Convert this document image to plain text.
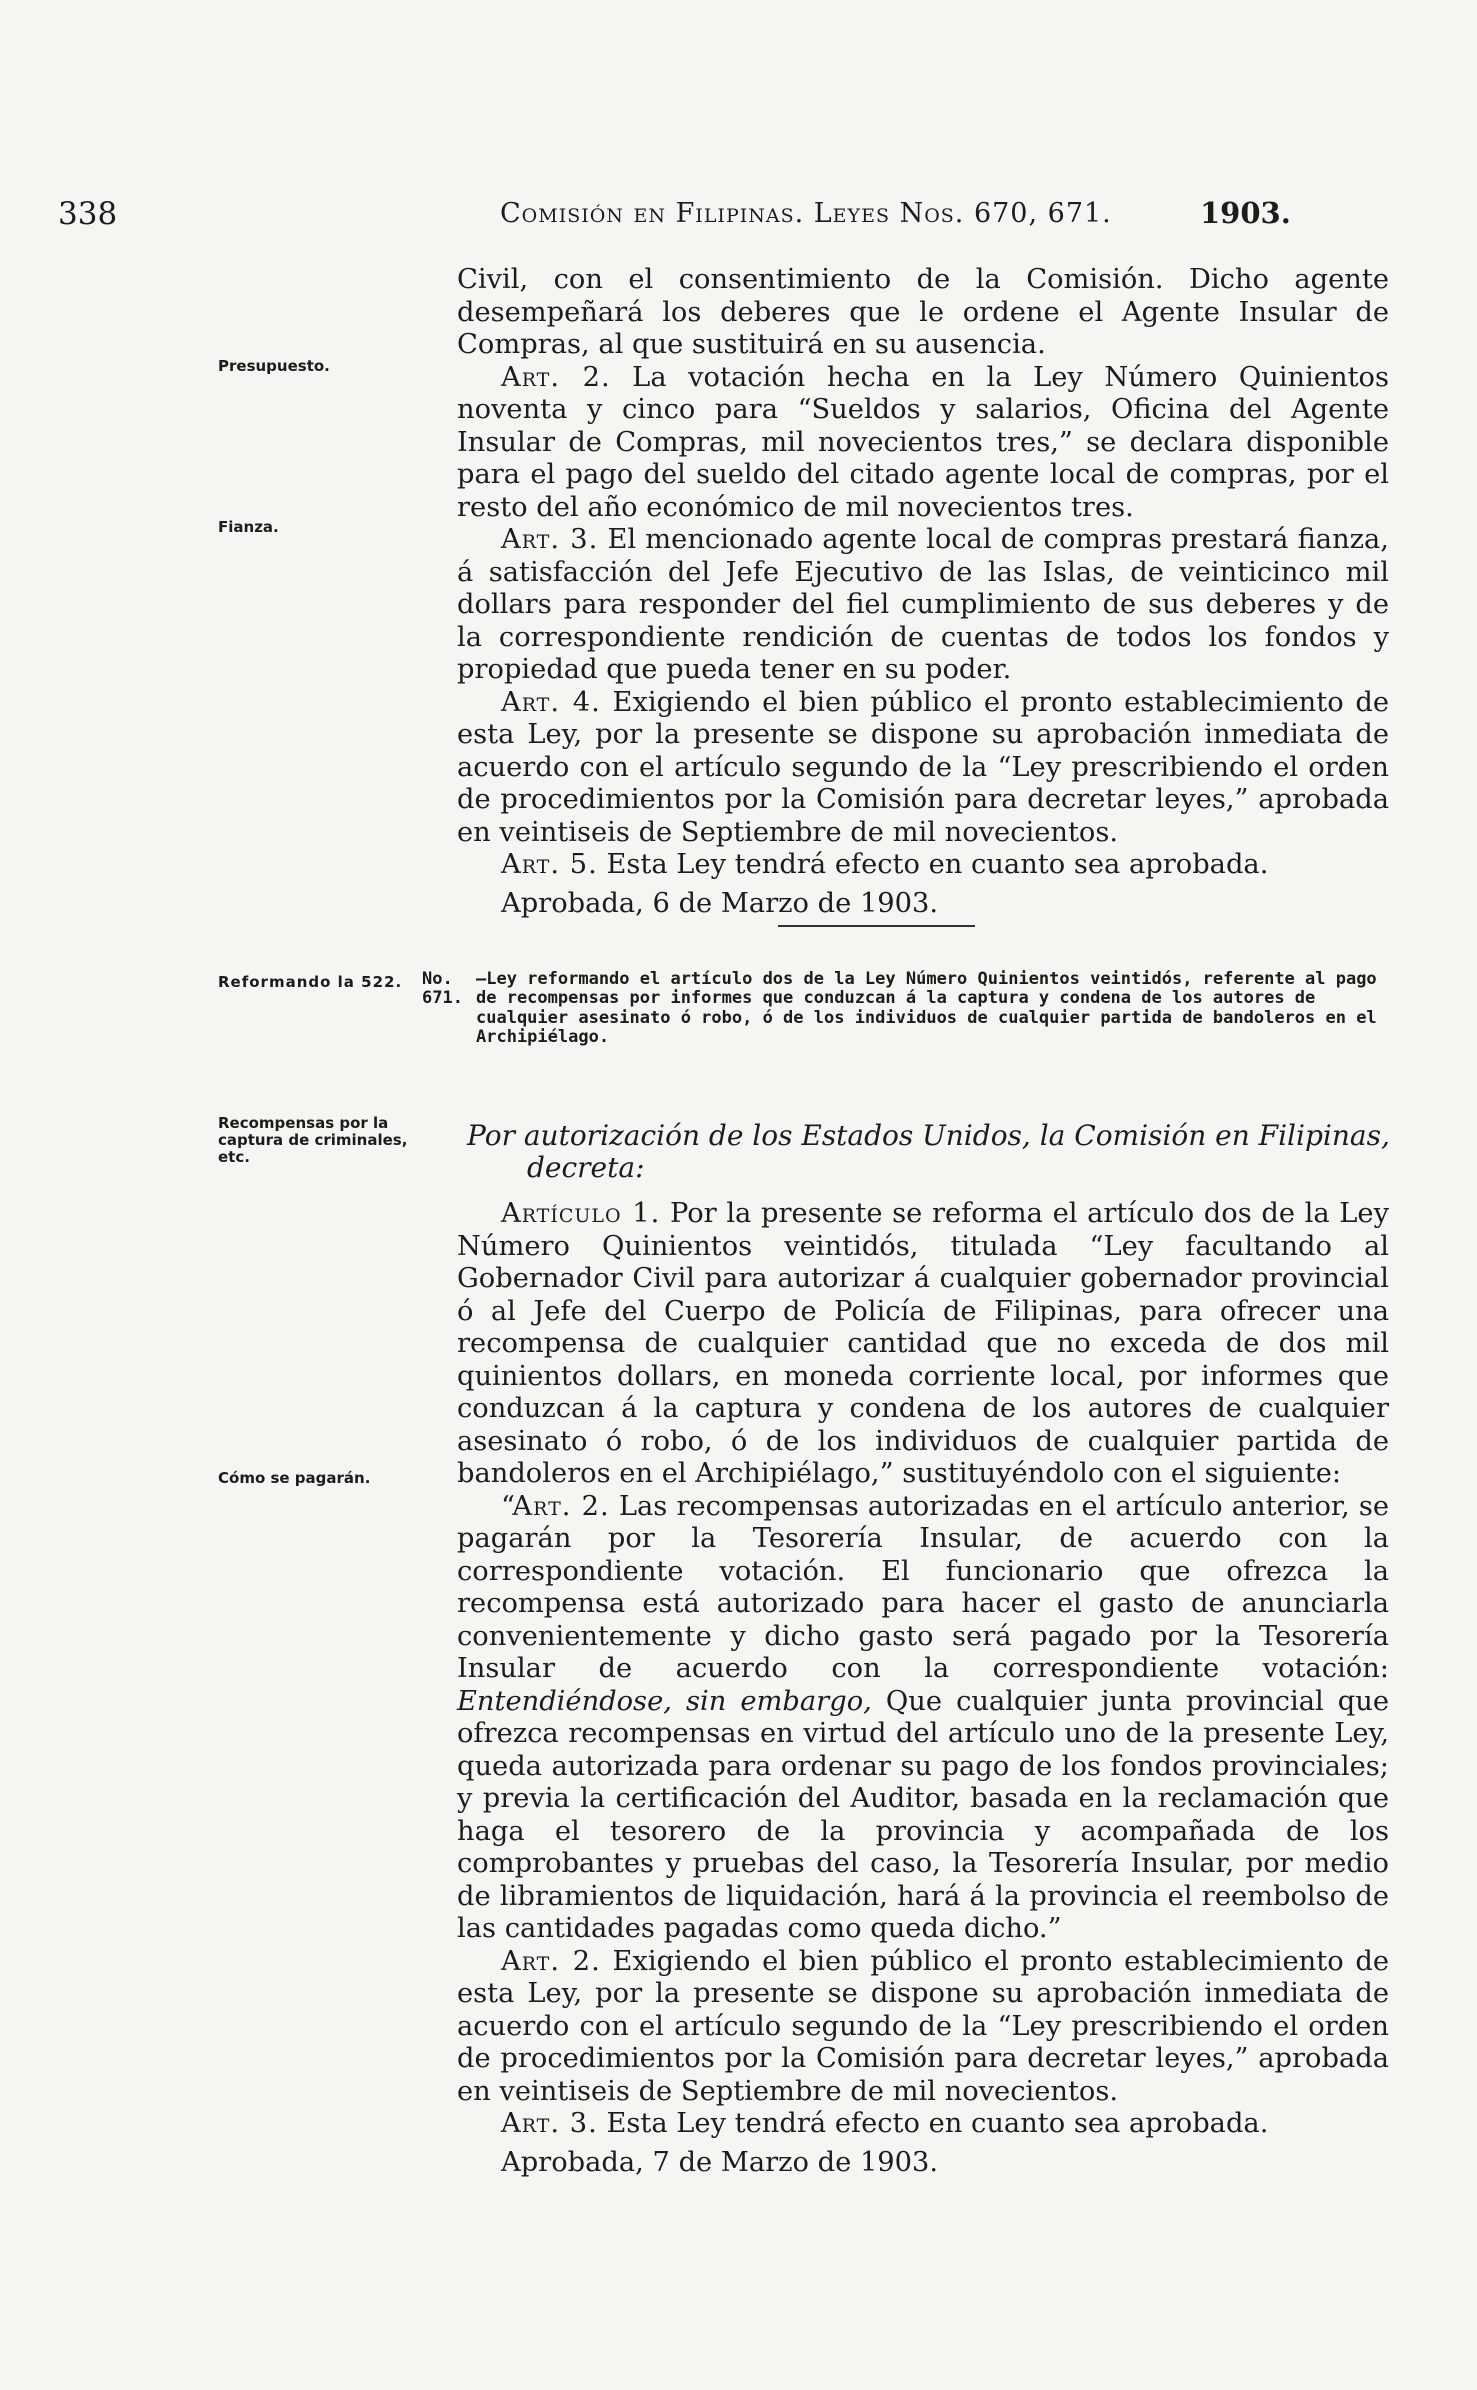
338	Comisión en Filipinas. Leyes Nos. 670, 671.	1903.
Presupuesto.
Fianza.

Civil, con el consentimiento de la Comisión. Dicho agente desempeñará los deberes que le ordene el Agente Insular de Compras, al que sustituirá en su ausencia.

Art. 2. La votación hecha en la Ley Número Quinientos noventa y cinco para “Sueldos y salarios, Oficina del Agente Insular de Compras, mil novecientos tres,” se declara disponible para el pago del sueldo del citado agente local de compras, por el resto del año económico de mil novecientos tres.

Art. 3. El mencionado agente local de compras prestará fianza, á satisfacción del Jefe Ejecutivo de las Islas, de veinticinco mil dollars para responder del fiel cumplimiento de sus deberes y de la correspondiente rendición de cuentas de todos los fondos y propiedad que pueda tener en su poder.

Art. 4. Exigiendo el bien público el pronto establecimiento de esta Ley, por la presente se dispone su aprobación inmediata de acuerdo con el artículo segundo de la “Ley prescribiendo el orden de procedimientos por la Comisión para decretar leyes,” aprobada en veintiseis de Septiembre de mil novecientos.

Art. 5. Esta Ley tendrá efecto en cuanto sea aprobada.

Aprobada, 6 de Marzo de 1903.

Reformando la 522.
Recompensas por la captura de criminales, etc.
Cómo se pagarán.
No. 671.
—Ley reformando el artículo dos de la Ley Número Quinientos veintidós, referente al pago de recompensas por informes que conduzcan á la captura y condena de los autores de cualquier asesinato ó robo, ó de los individuos de cualquier partida de bandoleros en el Archipiélago.
Por autorización de los Estados Unidos, la Comisión en Filipinas,
decreta:

Artículo 1. Por la presente se reforma el artículo dos de la Ley Número Quinientos veintidós, titulada “Ley facultando al Gobernador Civil para autorizar á cualquier gobernador provincial ó al Jefe del Cuerpo de Policía de Filipinas, para ofrecer una recompensa de cualquier cantidad que no exceda de dos mil quinientos dollars, en moneda corriente local, por informes que conduzcan á la captura y condena de los autores de cualquier asesinato ó robo, ó de los individuos de cualquier partida de bandoleros en el Archipiélago,” sustituyéndolo con el siguiente:

“Art. 2. Las recompensas autorizadas en el artículo anterior, se pagarán por la Tesorería Insular, de acuerdo con la correspondiente votación. El funcionario que ofrezca la recompensa está autorizado para hacer el gasto de anunciarla convenientemente y dicho gasto será pagado por la Tesorería Insular de acuerdo con la correspondiente votación: Entendiéndose, sin embargo, Que cualquier junta provincial que ofrezca recompensas en virtud del artículo uno de la presente Ley, queda autorizada para ordenar su pago de los fondos provinciales; y previa la certificación del Auditor, basada en la reclamación que haga el tesorero de la provincia y acompañada de los comprobantes y pruebas del caso, la Tesorería Insular, por medio de libramientos de liquidación, hará á la provincia el reembolso de las cantidades pagadas como queda dicho.”

Art. 2. Exigiendo el bien público el pronto establecimiento de esta Ley, por la presente se dispone su aprobación inmediata de acuerdo con el artículo segundo de la “Ley prescribiendo el orden de procedimientos por la Comisión para decretar leyes,” aprobada en veintiseis de Septiembre de mil novecientos.

Art. 3. Esta Ley tendrá efecto en cuanto sea aprobada.

Aprobada, 7 de Marzo de 1903.
